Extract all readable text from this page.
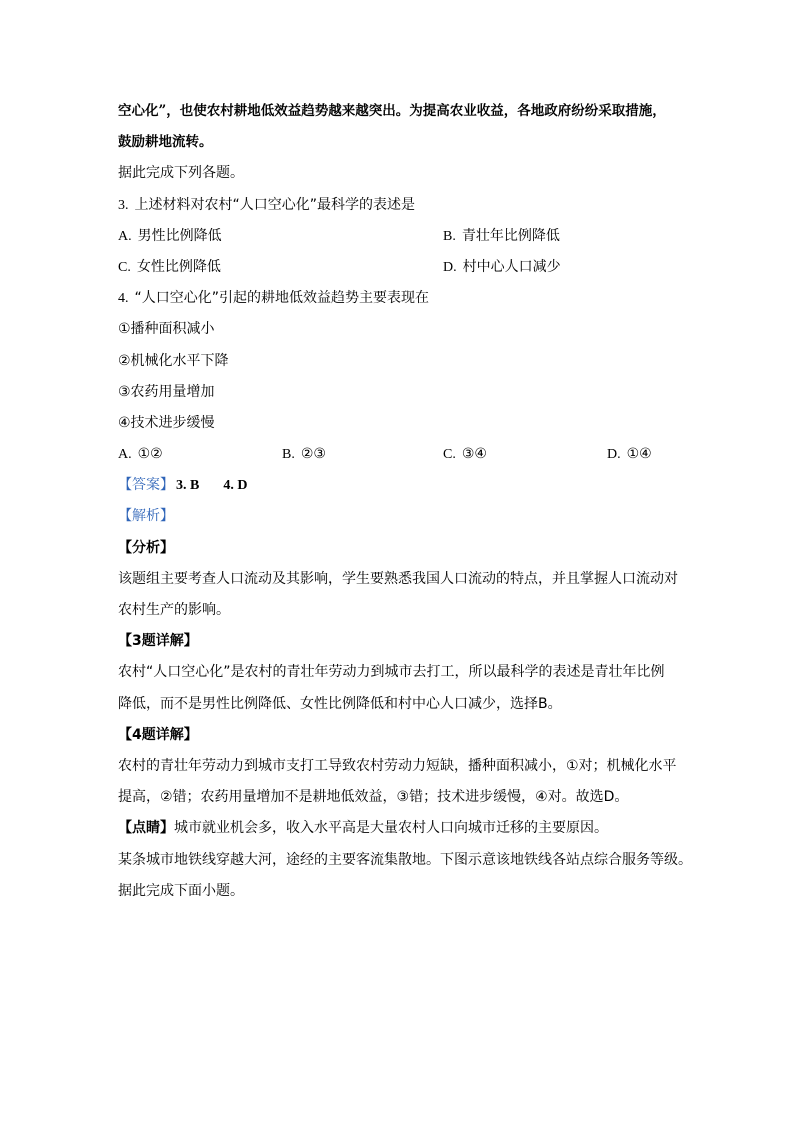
空心化”，也使农村耕地低效益趋势越来越突出。为提高农业收益，各地政府纷纷采取措施，
鼓励耕地流转。
据此完成下列各题。
3. 上述材料对农村“人口空心化”最科学的表述是
A. 男性比例降低	B. 青壮年比例降低
C. 女性比例降低	D. 村中心人口减少
4. “人口空心化”引起的耕地低效益趋势主要表现在
①播种面积减小
②机械化水平下降
③农药用量增加
④技术进步缓慢
A. ①②	B. ②③	C. ③④	D. ①④
【答案】 3. B 4. D
【解析】
【分析】
该题组主要考查人口流动及其影响，学生要熟悉我国人口流动的特点，并且掌握人口流动对
农村生产的影响。
【3题详解】
农村“人口空心化”是农村的青壮年劳动力到城市去打工，所以最科学的表述是青壮年比例
降低，而不是男性比例降低、女性比例降低和村中心人口减少，选择B。
【4题详解】
农村的青壮年劳动力到城市支打工导致农村劳动力短缺，播种面积减小，①对；机械化水平
提高，②错；农药用量增加不是耕地低效益，③错；技术进步缓慢，④对。故选D。
【点睛】城市就业机会多，收入水平高是大量农村人口向城市迁移的主要原因。
某条城市地铁线穿越大河，途经的主要客流集散地。下图示意该地铁线各站点综合服务等级。
据此完成下面小题。
